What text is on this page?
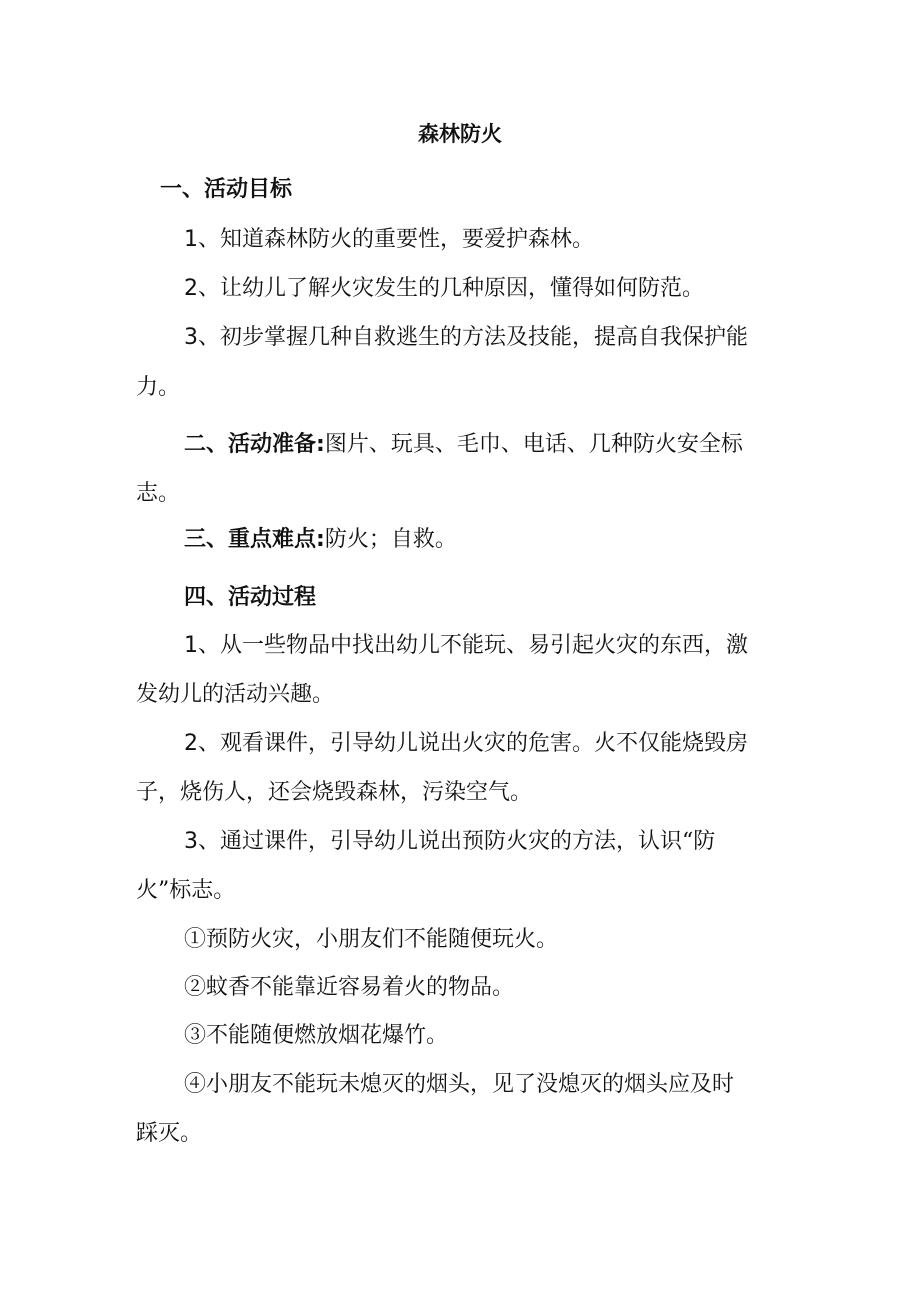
森林防火

一、活动目标

1、知道森林防火的重要性，要爱护森林。

2、让幼儿了解火灾发生的几种原因，懂得如何防范。

3、初步掌握几种自救逃生的方法及技能，提高自我保护能

力。

二、活动准备:图片、玩具、毛巾、电话、几种防火安全标

志。

三、重点难点:防火；自救。

四、活动过程

1、从一些物品中找出幼儿不能玩、易引起火灾的东西，激

发幼儿的活动兴趣。

2、观看课件，引导幼儿说出火灾的危害。火不仅能烧毁房

子，烧伤人，还会烧毁森林，污染空气。

3、通过课件，引导幼儿说出预防火灾的方法，认识“防

火”标志。

①预防火灾，小朋友们不能随便玩火。

②蚊香不能靠近容易着火的物品。

③不能随便燃放烟花爆竹。

④小朋友不能玩未熄灭的烟头，见了没熄灭的烟头应及时

踩灭。
